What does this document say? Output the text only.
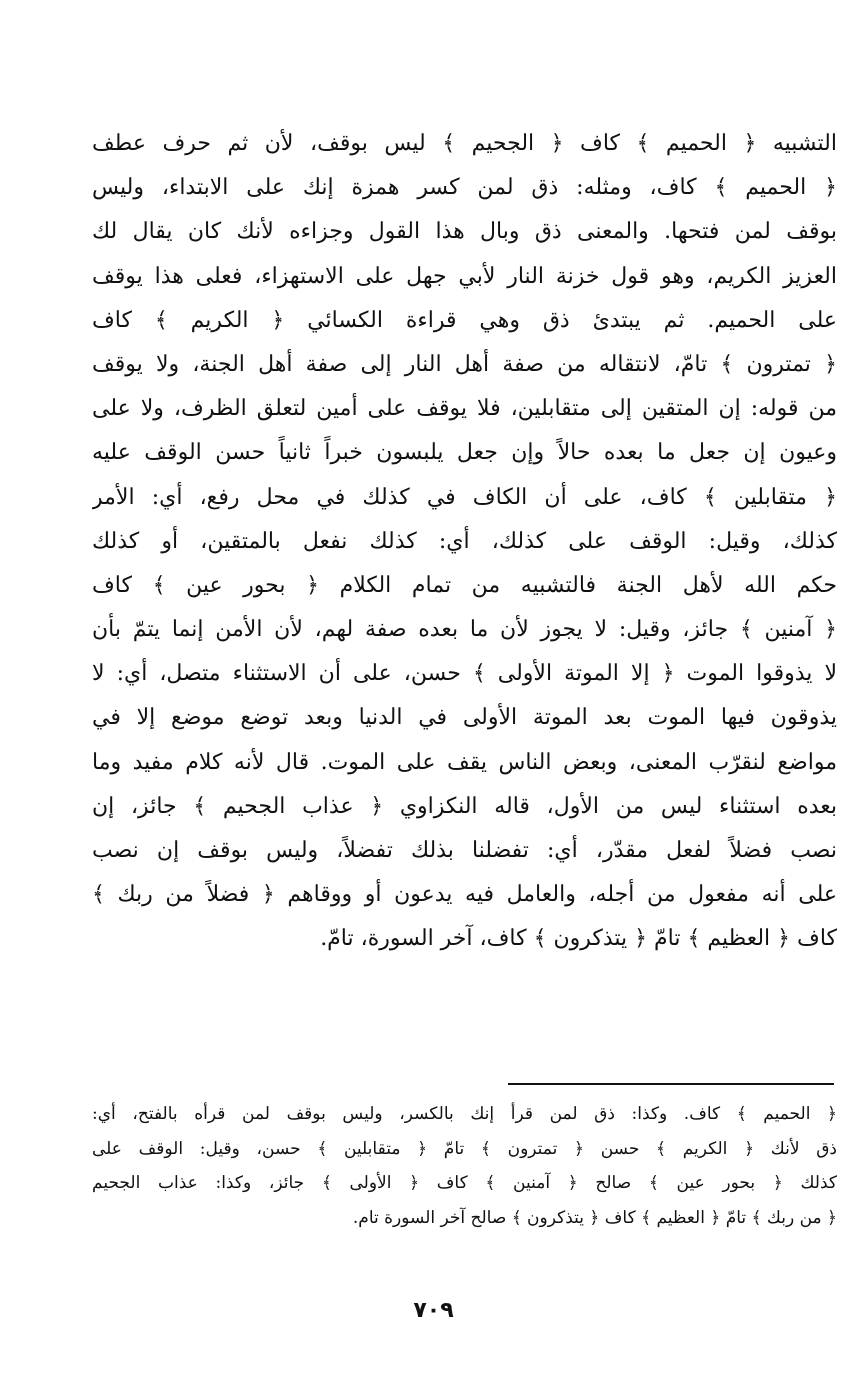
التشبيه ﴿ الحميم ﴾ كاف ﴿ الجحيم ﴾ ليس بوقف، لأن ثم حرف عطف
﴿ الحميم ﴾ كاف، ومثله: ذق لمن كسر همزة إنك على الابتداء، وليس
بوقف لمن فتحها. والمعنى ذق وبال هذا القول وجزاءه لأنك كان يقال لك
العزيز الكريم، وهو قول خزنة النار لأبي جهل على الاستهزاء، فعلى هذا يوقف
على الحميم. ثم يبتدئ ذق وهي قراءة الكسائي ﴿ الكريم ﴾ كاف
﴿ تمترون ﴾ تامّ، لانتقاله من صفة أهل النار إلى صفة أهل الجنة، ولا يوقف
من قوله: إن المتقين إلى متقابلين، فلا يوقف على أمين لتعلق الظرف، ولا على
وعيون إن جعل ما بعده حالاً وإن جعل يلبسون خبراً ثانياً حسن الوقف عليه
﴿ متقابلين ﴾ كاف، على أن الكاف في كذلك في محل رفع، أي: الأمر
كذلك، وقيل: الوقف على كذلك، أي: كذلك نفعل بالمتقين، أو كذلك
حكم الله لأهل الجنة فالتشبيه من تمام الكلام ﴿ بحور عين ﴾ كاف
﴿ آمنين ﴾ جائز، وقيل: لا يجوز لأن ما بعده صفة لهم، لأن الأمن إنما يتمّ بأن
لا يذوقوا الموت ﴿ إلا الموتة الأولى ﴾ حسن، على أن الاستثناء متصل، أي: لا
يذوقون فيها الموت بعد الموتة الأولى في الدنيا وبعد توضع موضع إلا في
مواضع لنقرّب المعنى، وبعض الناس يقف على الموت. قال لأنه كلام مفيد وما
بعده استثناء ليس من الأول، قاله النكزاوي ﴿ عذاب الجحيم ﴾ جائز، إن
نصب فضلاً لفعل مقدّر، أي: تفضلنا بذلك تفضلاً، وليس بوقف إن نصب
على أنه مفعول من أجله، والعامل فيه يدعون أو ووقاهم ﴿ فضلاً من ربك ﴾
كاف ﴿ العظيم ﴾ تامّ ﴿ يتذكرون ﴾ كاف، آخر السورة، تامّ.
﴿ الحميم ﴾ كاف. وكذا: ذق لمن قرأ إنك بالكسر، وليس بوقف لمن قرأه بالفتح، أي:
ذق لأنك ﴿ الكريم ﴾ حسن ﴿ تمترون ﴾ تامّ ﴿ متقابلين ﴾ حسن، وقيل: الوقف على
كذلك ﴿ بحور عين ﴾ صالح ﴿ آمنين ﴾ كاف ﴿ الأولى ﴾ جائز، وكذا: عذاب الجحيم
﴿ من ربك ﴾ تامّ ﴿ العظيم ﴾ كاف ﴿ يتذكرون ﴾ صالح آخر السورة تام.
٧٠٩
